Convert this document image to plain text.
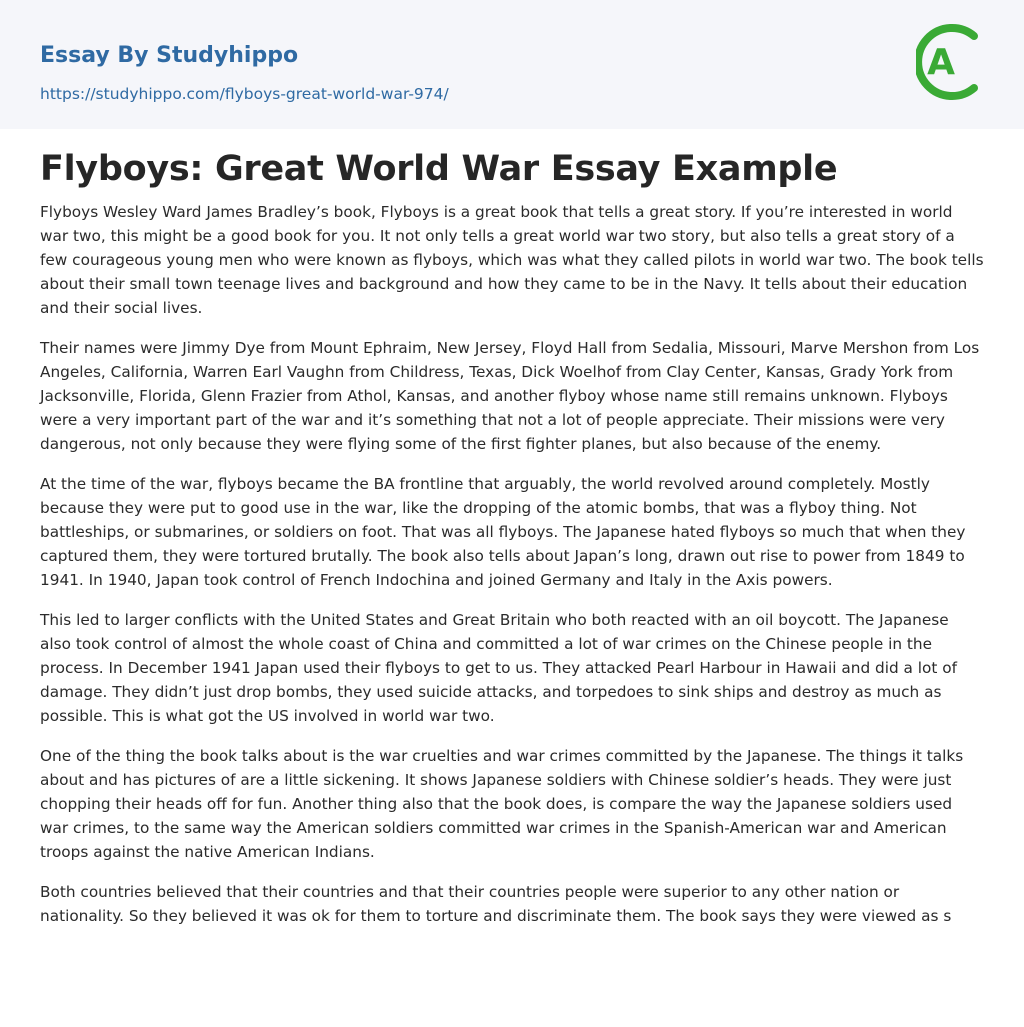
Essay By Studyhippo
https://studyhippo.com/flyboys-great-world-war-974/
A
Flyboys: Great World War Essay Example

Flyboys Wesley Ward James Bradley’s book, Flyboys is a great book that tells a great story. If you’re interested in world war two, this might be a good book for you. It not only tells a great world war two story, but also tells a great story of a few courageous young men who were known as flyboys, which was what they called pilots in world war two. The book tells about their small town teenage lives and background and how they came to be in the Navy. It tells about their education and their social lives.

Their names were Jimmy Dye from Mount Ephraim, New Jersey, Floyd Hall from Sedalia, Missouri, Marve Mershon from Los Angeles, California, Warren Earl Vaughn from Childress, Texas, Dick Woelhof from Clay Center, Kansas, Grady York from Jacksonville, Florida, Glenn Frazier from Athol, Kansas, and another flyboy whose name still remains unknown. Flyboys were a very important part of the war and it’s something that not a lot of people appreciate. Their missions were very dangerous, not only because they were flying some of the first fighter planes, but also because of the enemy.

At the time of the war, flyboys became the BA frontline that arguably, the world revolved around completely. Mostly because they were put to good use in the war, like the dropping of the atomic bombs, that was a flyboy thing. Not battleships, or submarines, or soldiers on foot. That was all flyboys. The Japanese hated flyboys so much that when they captured them, they were tortured brutally. The book also tells about Japan’s long, drawn out rise to power from 1849 to 1941. In 1940, Japan took control of French Indochina and joined Germany and Italy in the Axis powers.

This led to larger conflicts with the United States and Great Britain who both reacted with an oil boycott. The Japanese also took control of almost the whole coast of China and committed a lot of war crimes on the Chinese people in the process. In December 1941 Japan used their flyboys to get to us. They attacked Pearl Harbour in Hawaii and did a lot of damage. They didn’t just drop bombs, they used suicide attacks, and torpedoes to sink ships and destroy as much as possible. This is what got the US involved in world war two.

One of the thing the book talks about is the war cruelties and war crimes committed by the Japanese. The things it talks about and has pictures of are a little sickening. It shows Japanese soldiers with Chinese soldier’s heads. They were just chopping their heads off for fun. Another thing also that the book does, is compare the way the Japanese soldiers used war crimes, to the same way the American soldiers committed war crimes in the Spanish-American war and American troops against the native American Indians.

Both countries believed that their countries and that their countries people were superior to any other nation or nationality. So they believed it was ok for them to torture and discriminate them. The book says they were viewed as s
